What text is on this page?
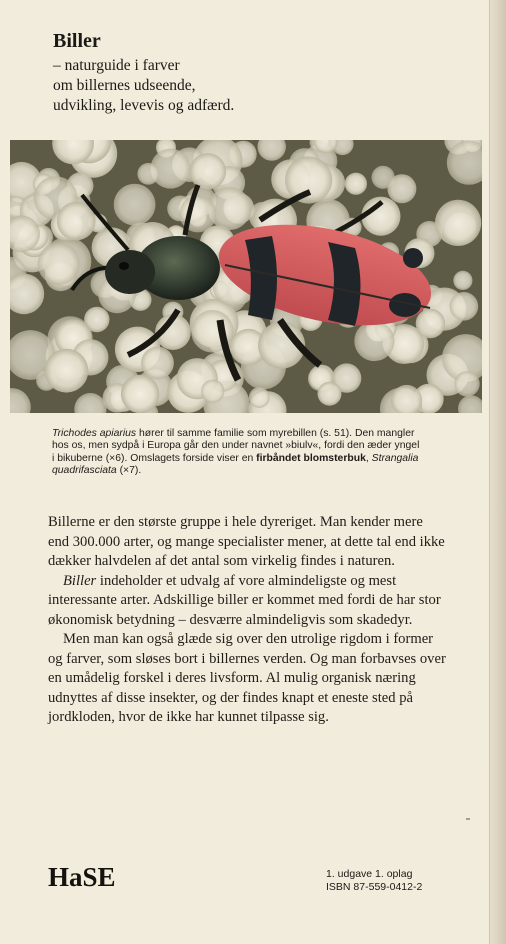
Biller
– naturguide i farver
om billernes udseende,
udvikling, levevis og adfærd.
Trichodes apiarius hører til samme familie som myrebillen (s. 51). Den mangler hos os, men sydpå i Europa går den under navnet »biulv«, fordi den æder yngel i bikuberne (×6). Omslagets forside viser en firbåndet blomsterbuk, Strangalia quadrifasciata (×7).

Billerne er den største gruppe i hele dyreriget. Man kender mere end 300.000 arter, og mange specialister mener, at dette tal end ikke dækker halvdelen af det antal som virkelig findes i naturen.

Biller indeholder et udvalg af vore almindeligste og mest interessante arter. Adskillige biller er kommet med fordi de har stor økonomisk betydning – desværre almindeligvis som skadedyr.

Men man kan også glæde sig over den utrolige rigdom i former og farver, som sløses bort i billernes verden. Og man forbavses over en umådelig forskel i deres livsform. Al mulig organisk næring udnyttes af disse insekter, og der findes knapt et eneste sted på jordkloden, hvor de ikke har kunnet tilpasse sig.

HaSE	1. udgave 1. oplag
ISBN 87-559-0412-2
